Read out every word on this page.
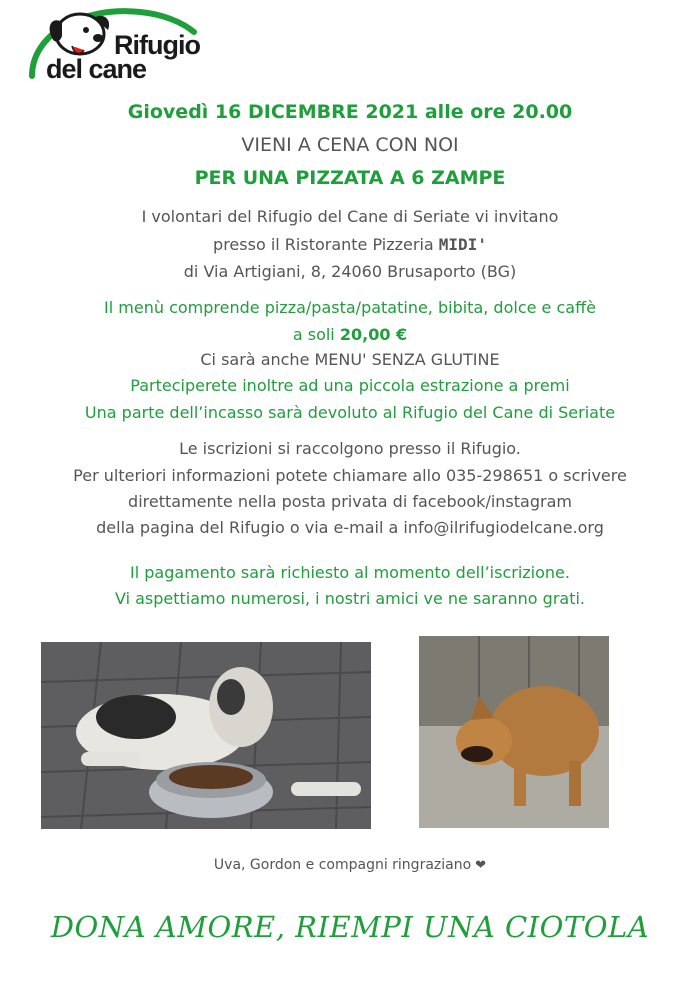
Rifugio
del cane
Giovedì 16 DICEMBRE 2021 alle ore 20.00
VIENI A CENA CON NOI
PER UNA PIZZATA A 6 ZAMPE
I volontari del Rifugio del Cane di Seriate vi invitano
presso il Ristorante Pizzeria MIDI'
di Via Artigiani, 8, 24060 Brusaporto (BG)
Il menù comprende pizza/pasta/patatine, bibita, dolce e caffè
a soli 20,00 €
Ci sarà anche MENU' SENZA GLUTINE
Parteciperete inoltre ad una piccola estrazione a premi
Una parte dell’incasso sarà devoluto al Rifugio del Cane di Seriate
Le iscrizioni si raccolgono presso il Rifugio.
Per ulteriori informazioni potete chiamare allo 035-298651 o scrivere
direttamente nella posta privata di facebook/instagram
della pagina del Rifugio o via e-mail a info@ilrifugiodelcane.org
Il pagamento sarà richiesto al momento dell’iscrizione.
Vi aspettiamo numerosi, i nostri amici ve ne saranno grati.
Uva, Gordon e compagni ringraziano ❤
DONA AMORE, RIEMPI UNA CIOTOLA
